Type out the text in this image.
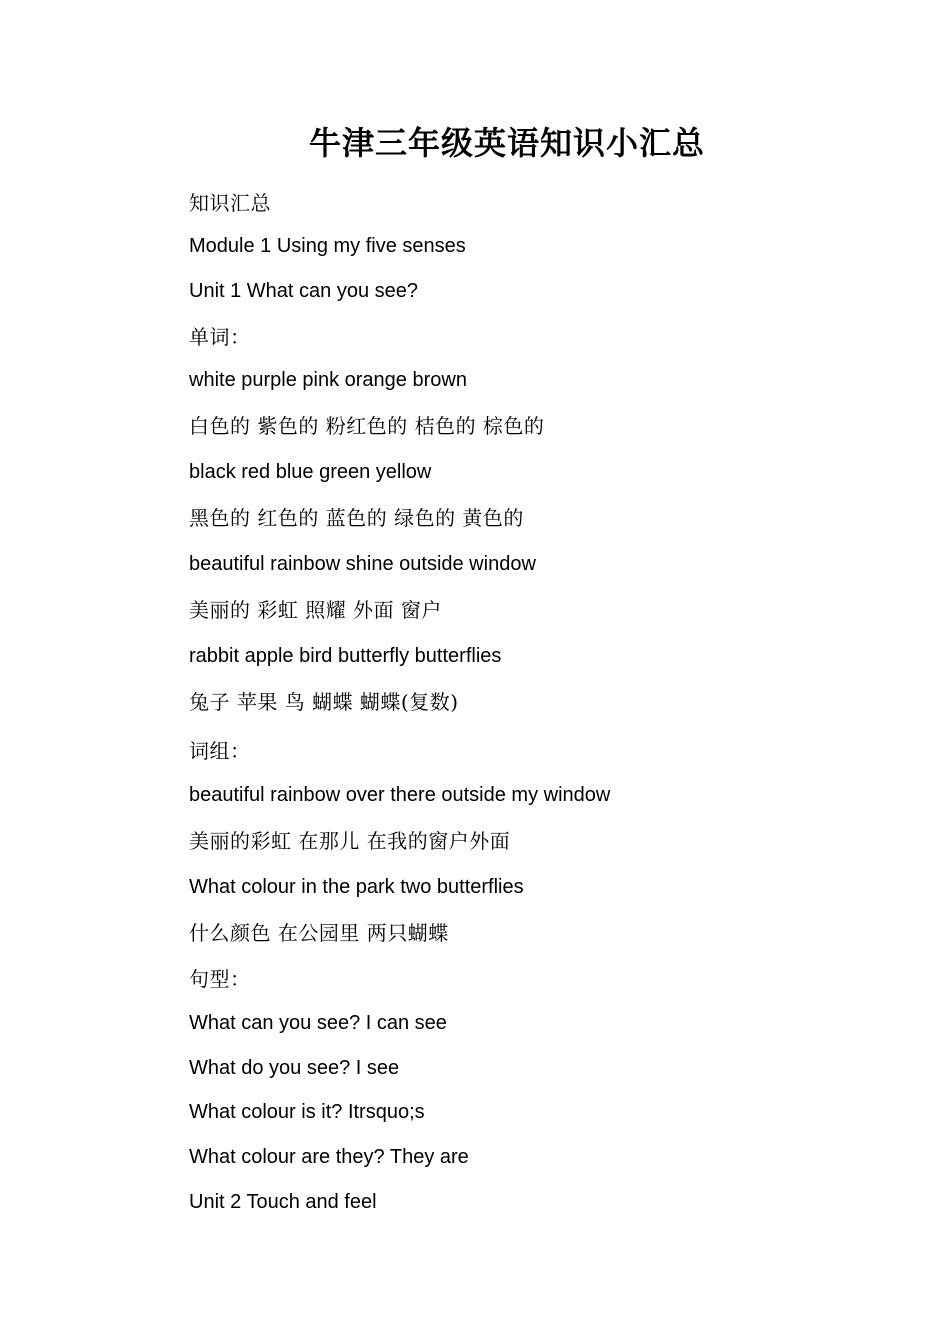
牛津三年级英语知识小汇总
知识汇总
Module 1 Using my five senses
Unit 1 What can you see?
单词：
white purple pink orange brown
白色的 紫色的 粉红色的 桔色的 棕色的
black red blue green yellow
黑色的 红色的 蓝色的 绿色的 黄色的
beautiful rainbow shine outside window
美丽的 彩虹 照耀 外面 窗户
rabbit apple bird butterfly butterflies
兔子 苹果 鸟 蝴蝶 蝴蝶(复数)
词组：
beautiful rainbow over there outside my window
美丽的彩虹 在那儿 在我的窗户外面
What colour in the park two butterflies
什么颜色 在公园里 两只蝴蝶
句型：
What can you see? I can see
What do you see? I see
What colour is it? Itrsquo;s
What colour are they? They are
Unit 2 Touch and feel
